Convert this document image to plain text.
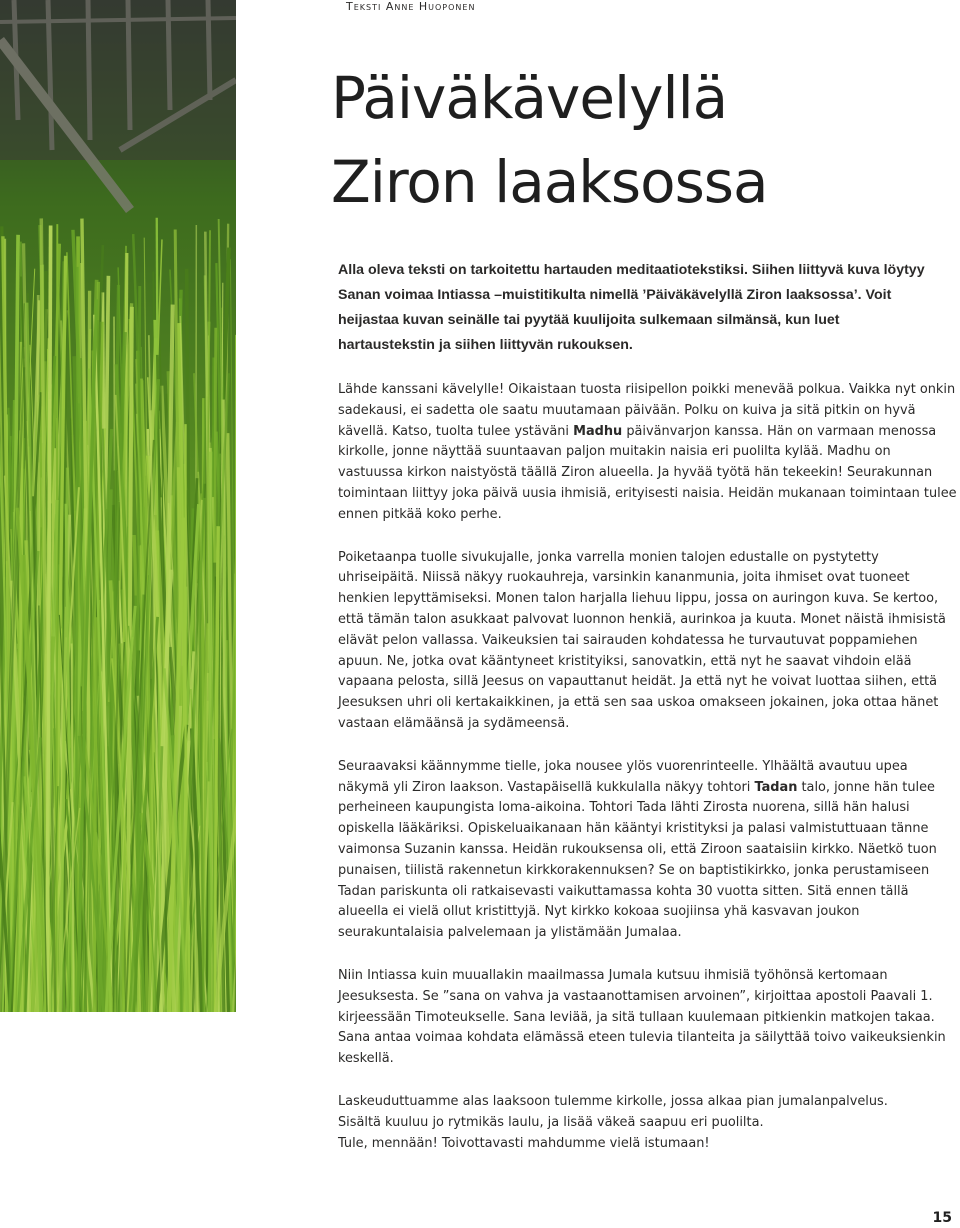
Teksti Anne Huoponen
Päiväkävelyllä
Ziron laaksossa

Alla oleva teksti on tarkoitettu hartauden meditaatiotekstiksi. Siihen liittyvä kuva löytyy Sanan voimaa Intiassa –muistitikulta nimellä ’Päiväkävelyllä Ziron laaksossa’. Voit heijastaa kuvan seinälle tai pyytää kuulijoita sulkemaan silmänsä, kun luet hartaustekstin ja siihen liittyvän rukouksen.

Lähde kanssani kävelylle! Oikaistaan tuosta riisipellon poikki menevää polkua. Vaikka nyt onkin sadekausi, ei sadetta ole saatu muutamaan päivään. Polku on kuiva ja sitä pitkin on hyvä kävellä. Katso, tuolta tulee ystäväni Madhu päivänvarjon kanssa. Hän on varmaan menossa kirkolle, jonne näyttää suuntaavan paljon muitakin naisia eri puolilta kylää. Madhu on vastuussa kirkon naistyöstä täällä Ziron alueella. Ja hyvää työtä hän tekeekin! Seurakunnan toimintaan liittyy joka päivä uusia ihmisiä, erityisesti naisia. Heidän mukanaan toimintaan tulee ennen pitkää koko perhe.

Poiketaanpa tuolle sivukujalle, jonka varrella monien talojen edustalle on pystytetty uhriseipäitä. Niissä näkyy ruokauhreja, varsinkin kananmunia, joita ihmiset ovat tuoneet henkien lepyttämiseksi. Monen talon harjalla liehuu lippu, jossa on auringon kuva. Se kertoo, että tämän talon asukkaat palvovat luonnon henkiä, aurinkoa ja kuuta. Monet näistä ihmisistä elävät pelon vallassa. Vaikeuksien tai sairauden kohdatessa he turvautuvat poppamiehen apuun. Ne, jotka ovat kääntyneet kristityiksi, sanovatkin, että nyt he saavat vihdoin elää vapaana pelosta, sillä Jeesus on vapauttanut heidät. Ja että nyt he voivat luottaa siihen, että Jeesuksen uhri oli kertakaikkinen, ja että sen saa uskoa omakseen jokainen, joka ottaa hänet vastaan elämäänsä ja sydämeensä.

Seuraavaksi käännymme tielle, joka nousee ylös vuorenrinteelle. Ylhäältä avautuu upea näkymä yli Ziron laakson. Vastapäisellä kukkulalla näkyy tohtori Tadan talo, jonne hän tulee perheineen kaupungista loma-aikoina. Tohtori Tada lähti Zirosta nuorena, sillä hän halusi opiskella lääkäriksi. Opiskeluaikanaan hän kääntyi kristityksi ja palasi valmistuttuaan tänne vaimonsa Suzanin kanssa. Heidän rukouksensa oli, että Ziroon saataisiin kirkko. Näetkö tuon punaisen, tiilistä rakennetun kirkkorakennuksen? Se on baptistikirkko, jonka perustamiseen Tadan pariskunta oli ratkaisevasti vaikuttamassa kohta 30 vuotta sitten. Sitä ennen tällä alueella ei vielä ollut kristittyjä. Nyt kirkko kokoaa suojiinsa yhä kasvavan joukon seurakuntalaisia palvelemaan ja ylistämään Jumalaa.

Niin Intiassa kuin muuallakin maailmassa Jumala kutsuu ihmisiä työhönsä kertomaan Jeesuksesta. Se ”sana on vahva ja vastaanottamisen arvoinen”, kirjoittaa apostoli Paavali 1. kirjeessään Timoteukselle. Sana leviää, ja sitä tullaan kuulemaan pitkienkin matkojen takaa. Sana antaa voimaa kohdata elämässä eteen tulevia tilanteita ja säilyttää toivo vaikeuksienkin keskellä.

Laskeuduttuamme alas laaksoon tulemme kirkolle, jossa alkaa pian jumalanpalvelus.
Sisältä kuuluu jo rytmikäs laulu, ja lisää väkeä saapuu eri puolilta.
Tule, mennään! Toivottavasti mahdumme vielä istumaan!

15
